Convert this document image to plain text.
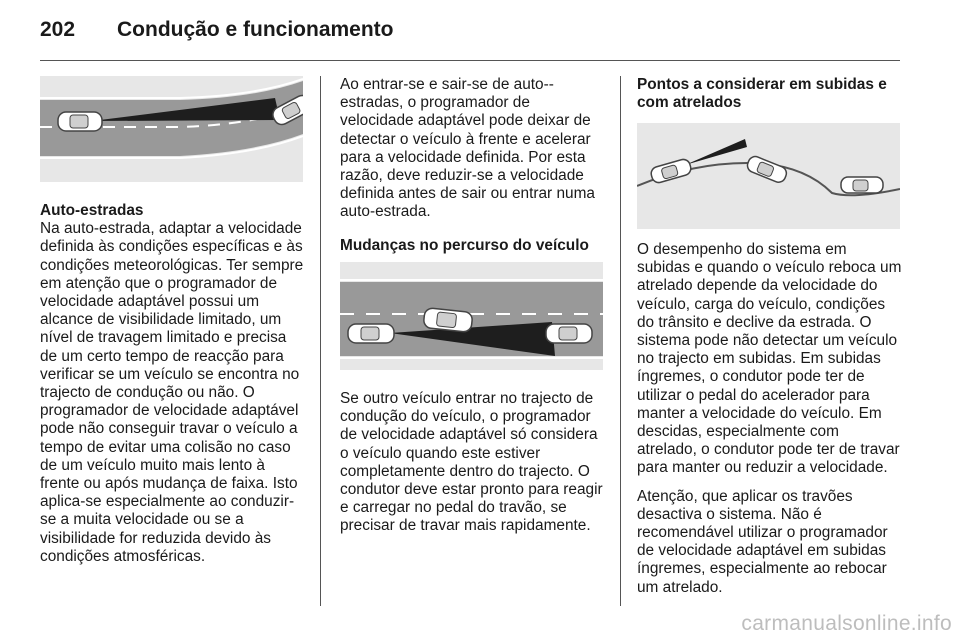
202 Condução e funcionamento
Auto-estradas

Na auto-estrada, adaptar a velocidade definida às condições específicas e às condições meteorológicas. Ter sempre em atenção que o programador de velocidade adaptável possui um alcance de visibilidade limitado, um nível de travagem limitado e precisa de um certo tempo de reacção para verificar se um veículo se encontra no trajecto de condução ou não. O programador de velocidade adaptável pode não conseguir travar o veículo a tempo de evitar uma colisão no caso de um veículo muito mais lento à frente ou após mudança de faixa. Isto aplica-se especialmente ao conduzir-se a muita velocidade ou se a visibilidade for reduzida devido às condições atmosféricas.

Ao entrar-se e sair-se de auto--estradas, o programador de velocidade adaptável pode deixar de detectar o veículo à frente e acelerar para a velocidade definida. Por esta razão, deve reduzir-se a velocidade definida antes de sair ou entrar numa auto-estrada.

Mudanças no percurso do veículo

Se outro veículo entrar no trajecto de condução do veículo, o programador de velocidade adaptável só considera o veículo quando este estiver completamente dentro do trajecto. O condutor deve estar pronto para reagir e carregar no pedal do travão, se precisar de travar mais rapidamente.

Pontos a considerar em subidas e com atrelados

O desempenho do sistema em subidas e quando o veículo reboca um atrelado depende da velocidade do veículo, carga do veículo, condições do trânsito e declive da estrada. O sistema pode não detectar um veículo no trajecto em subidas. Em subidas íngremes, o condutor pode ter de utilizar o pedal do acelerador para manter a velocidade do veículo. Em descidas, especialmente com atrelado, o condutor pode ter de travar para manter ou reduzir a velocidade.

Atenção, que aplicar os travões desactiva o sistema. Não é recomendável utilizar o programador de velocidade adaptável em subidas íngremes, especialmente ao rebocar um atrelado.

carmanualsonline.info
